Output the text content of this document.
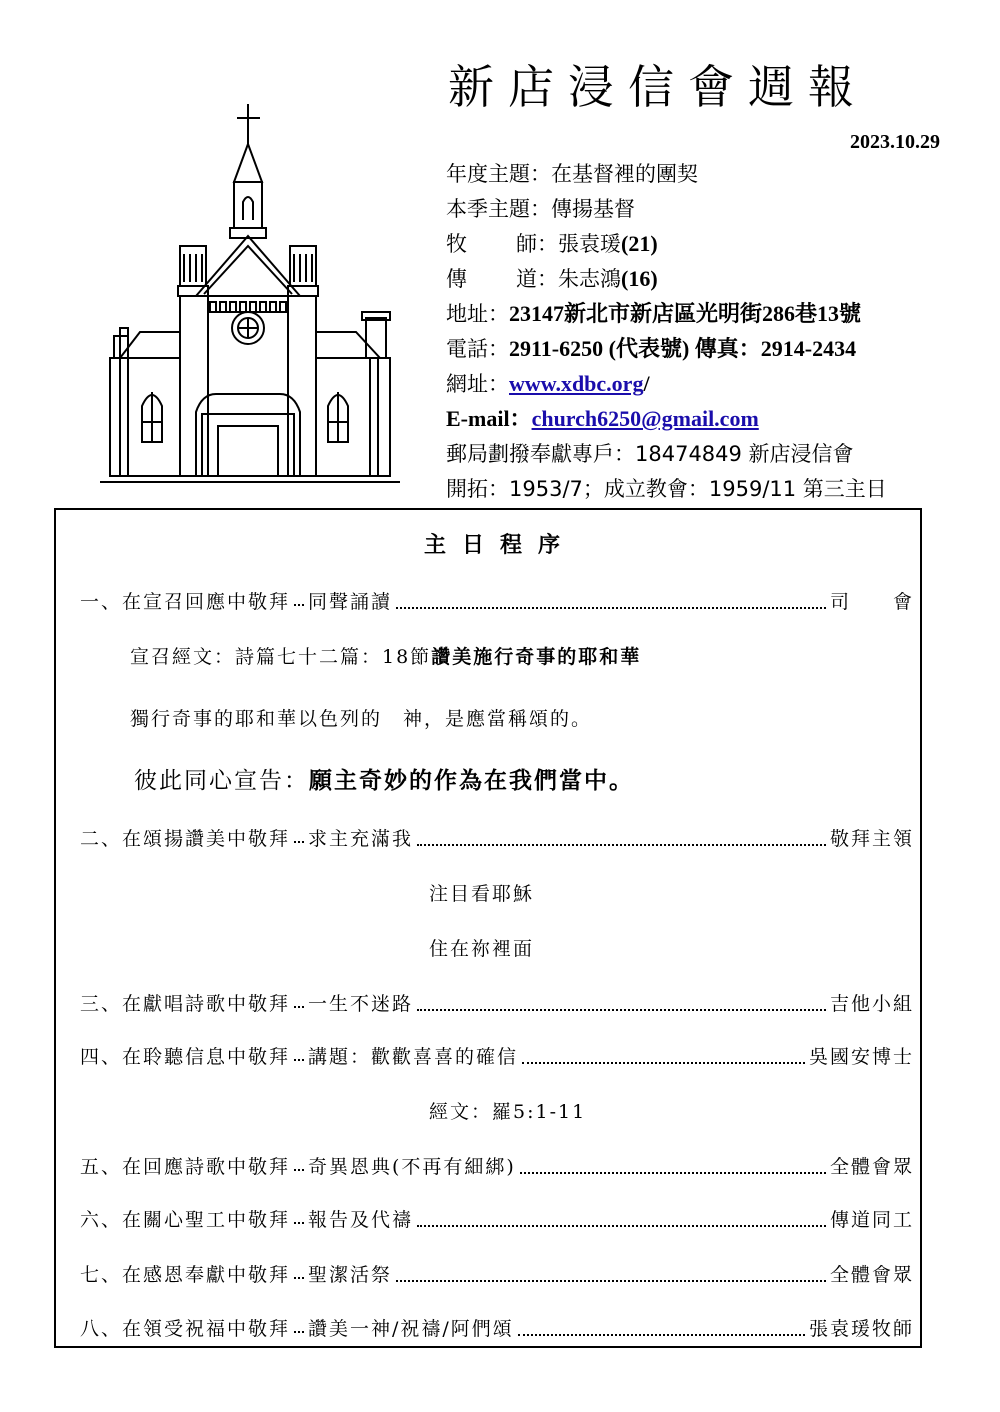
新店浸信會週報
2023.10.29
年度主題：在基督裡的團契
本季主題：傳揚基督
牧 師：張袁瑗(21)
傳 道：朱志鴻(16)
地址：23147新北市新店區光明街286巷13號
電話：2911-6250 (代表號) 傳真：2914-2434
網址：www.xdbc.org/
E-mail：church6250@gmail.com
郵局劃撥奉獻專戶：18474849 新店浸信會
開拓：1953/7；成立教會：1959/11 第三主日
主日程序
一、在宣召回應中敬拜 同聲誦讀	司　　會
宣召經文：詩篇七十二篇：18節讚美施行奇事的耶和華
獨行奇事的耶和華以色列的　神，是應當稱頌的。
彼此同心宣告：願主奇妙的作為在我們當中。
二、在頌揚讚美中敬拜 求主充滿我	敬拜主領
注目看耶穌
住在祢裡面
三、在獻唱詩歌中敬拜 一生不迷路	吉他小組
四、在聆聽信息中敬拜 講題：歡歡喜喜的確信	吳國安博士
經文：羅5:1-11
五、在回應詩歌中敬拜 奇異恩典(不再有細綁)	全體會眾
六、在關心聖工中敬拜 報告及代禱	傳道同工
七、在感恩奉獻中敬拜 聖潔活祭	全體會眾
八、在領受祝福中敬拜 讚美一神/祝禱/阿們頌	張袁瑗牧師
